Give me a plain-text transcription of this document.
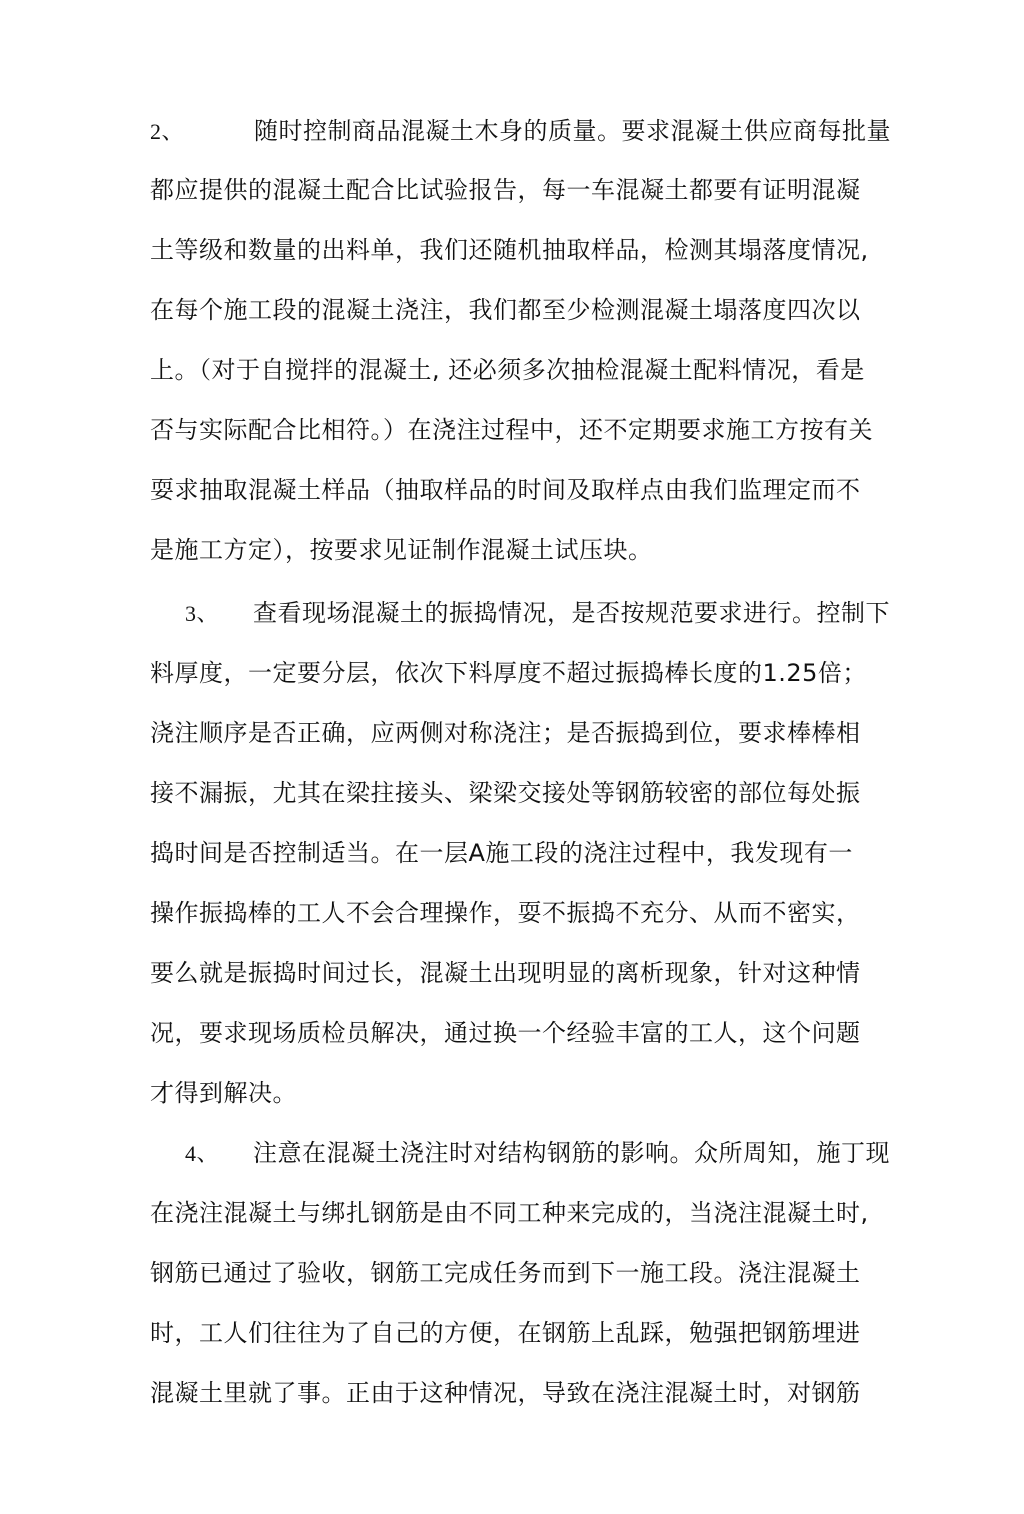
2、	随时控制商品混凝土木身的质量。要求混凝土供应商每批量
都应提供的混凝土配合比试验报告，每一车混凝土都要有证明混凝
土等级和数量的出料单，我们还随机抽取样品，检测其塌落度情况,
在每个施工段的混凝土浇注，我们都至少检测混凝土塌落度四次以
上。（对于自搅拌的混凝土, 还必须多次抽检混凝土配料情况，看是
否与实际配合比相符。）在浇注过程中，还不定期要求施工方按有关
耍求抽取混凝土样品（抽取样品的时间及取样点由我们监理定而不
是施工方定），按要求见证制作混凝土试压块。
3、 查看现场混凝土的振捣情况，是否按规范要求进行。控制下
料厚度，一定要分层，依次下料厚度不超过振捣棒长度的1.25倍；
浇注顺序是否正确，应两侧对称浇注；是否振捣到位，要求棒棒相
接不漏振，尤其在梁拄接头、梁梁交接处等钢筋较密的部位每处振
捣时间是否控制适当。在一层A施工段的浇注过程中，我发现有一
操作振捣棒的工人不会合理操作，耍不振捣不充分、从而不密实，
要么就是振捣时间过长，混凝土出现明显的离析现象，针对这种情
况，要求现场质检员解决，通过换一个经验丰富的工人，这个问题
才得到解决。
4、 注意在混凝土浇注时对结构钢筋的影响。众所周知，施丁现
在浇注混凝土与绑扎钢筋是由不同工种来完成的，当浇注混凝土时,
钢筋已通过了验收，钢筋工完成任务而到下一施工段。浇注混凝土
时，工人们往往为了自己的方便，在钢筋上乱踩，勉强把钢筋埋进
混凝土里就了事。正由于这种情况，导致在浇注混凝土时，对钢筋
